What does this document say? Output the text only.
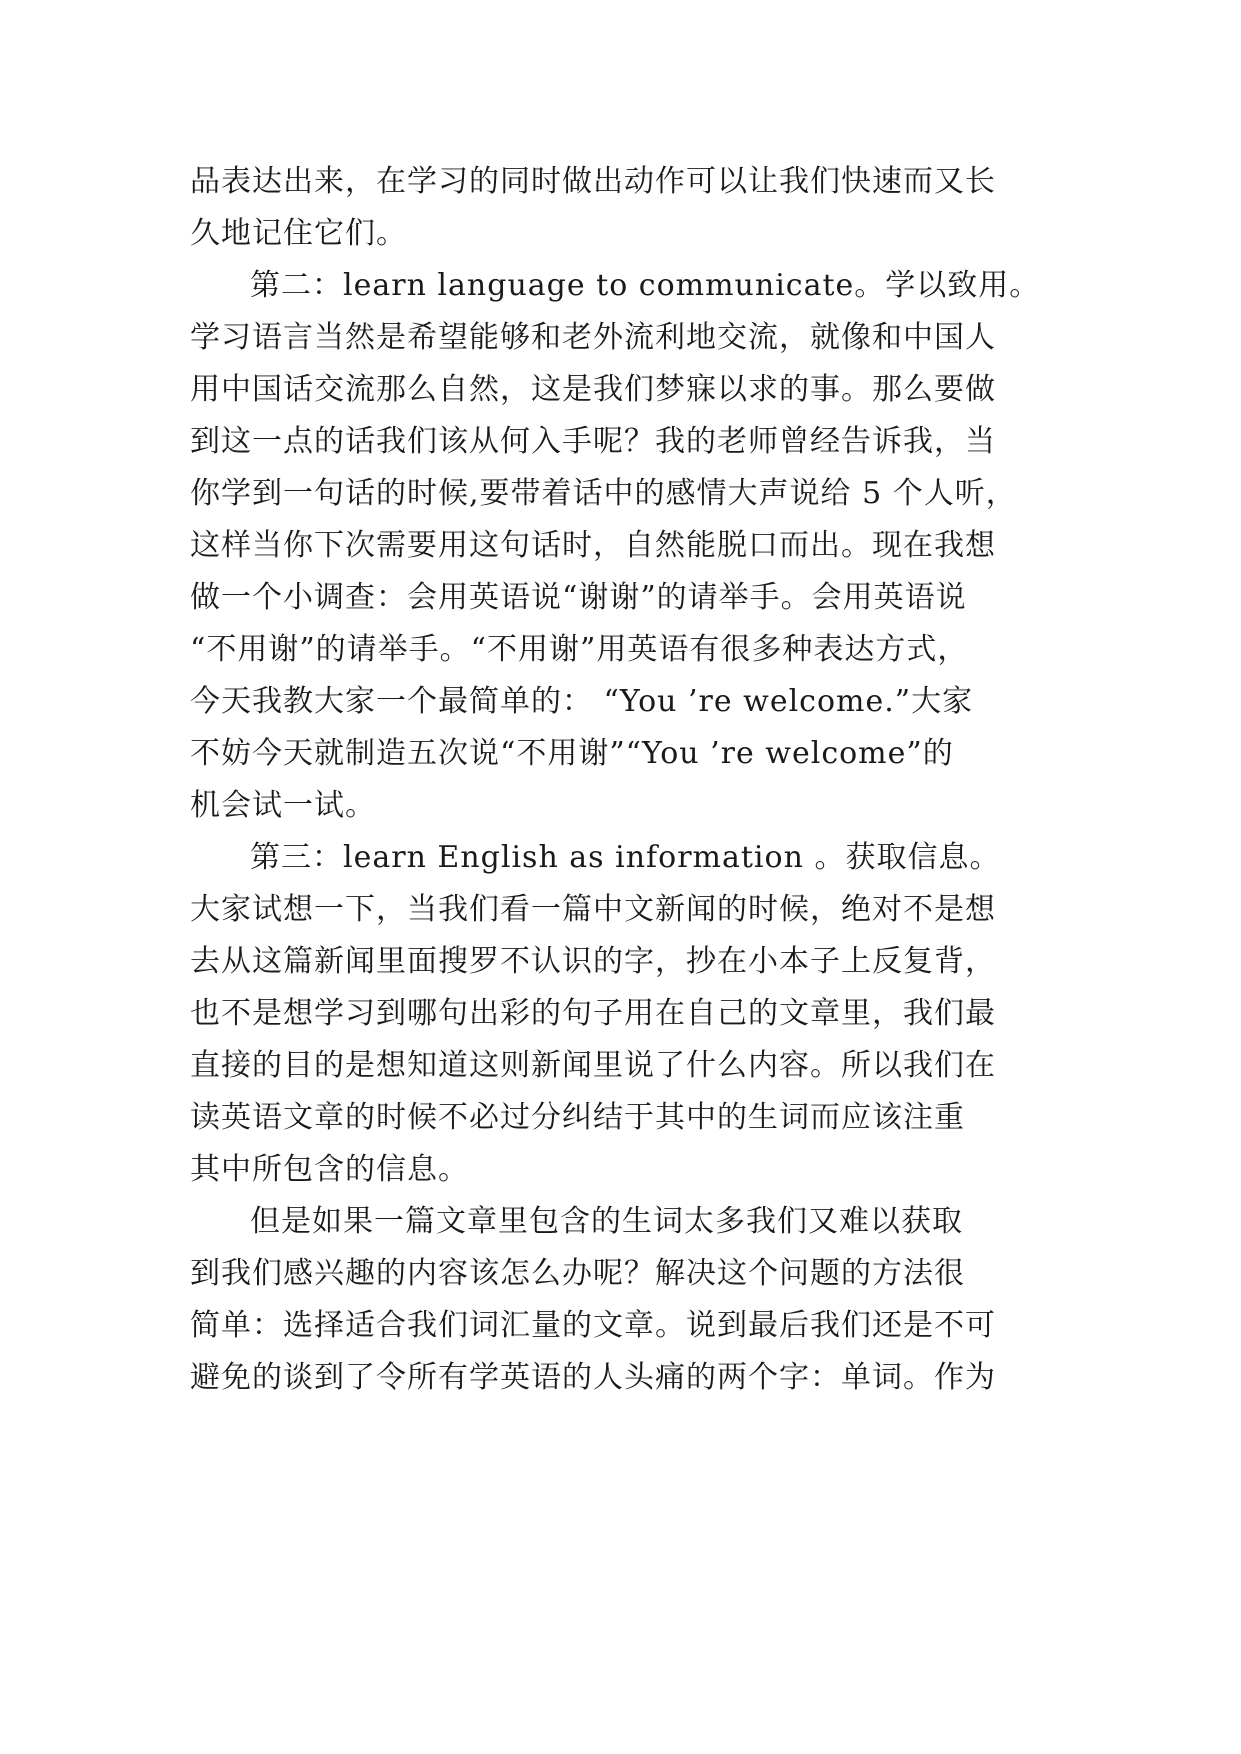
品表达出来，在学习的同时做出动作可以让我们快速而又长
久地记住它们。
第二：learn language to communicate。学以致用。
学习语言当然是希望能够和老外流利地交流，就像和中国人
用中国话交流那么自然，这是我们梦寐以求的事。那么要做
到这一点的话我们该从何入手呢？我的老师曾经告诉我，当
你学到一句话的时候,要带着话中的感情大声说给 5 个人听，
这样当你下次需要用这句话时，自然能脱口而出。现在我想
做一个小调查：会用英语说“谢谢”的请举手。会用英语说
“不用谢”的请举手。“不用谢”用英语有很多种表达方式，
今天我教大家一个最简单的： “You ’re welcome.”大家
不妨今天就制造五次说“不用谢”“You ’re welcome”的
机会试一试。
第三：learn English as information 。获取信息。
大家试想一下，当我们看一篇中文新闻的时候，绝对不是想
去从这篇新闻里面搜罗不认识的字，抄在小本子上反复背，
也不是想学习到哪句出彩的句子用在自己的文章里，我们最
直接的目的是想知道这则新闻里说了什么内容。所以我们在
读英语文章的时候不必过分纠结于其中的生词而应该注重
其中所包含的信息。
但是如果一篇文章里包含的生词太多我们又难以获取
到我们感兴趣的内容该怎么办呢？解决这个问题的方法很
简单：选择适合我们词汇量的文章。说到最后我们还是不可
避免的谈到了令所有学英语的人头痛的两个字：单词。作为
